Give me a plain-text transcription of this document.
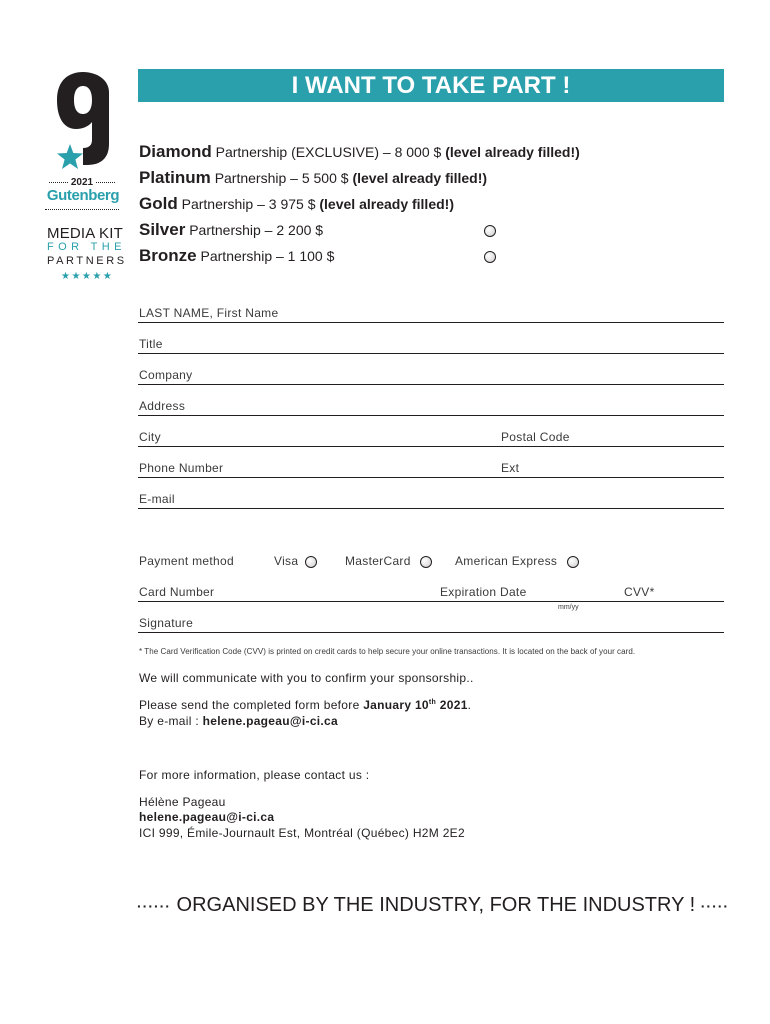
2021
Gutenberg
MEDIA KIT
FOR THE
PARTNERS
★★★★★
I WANT TO TAKE PART !
Diamond Partnership (EXCLUSIVE) – 8 000 $ (level already filled!)
Platinum Partnership – 5 500 $ (level already filled!)
Gold Partnership – 3 975 $ (level already filled!)
Silver Partnership – 2 200 $
Bronze Partnership – 1 100 $
LAST NAME, First Name
Title
Company
Address
City	Postal Code
Phone Number	Ext
E-mail
Payment method	Visa	MasterCard	American Express
Card Number	Expiration Date	CVV*
mm/yy
Signature
* The Card Verification Code (CVV) is printed on credit cards to help secure your online transactions. It is located on the back of your card.
We will communicate with you to confirm your sponsorship..
Please send the completed form before January 10th 2021.
By e-mail : helene.pageau@i-ci.ca
For more information, please contact us :
Hélène Pageau
helene.pageau@i-ci.ca
ICI 999, Émile-Journault Est, Montréal (Québec) H2M 2E2
······ ORGANISED BY THE INDUSTRY, FOR THE INDUSTRY ! ·····
